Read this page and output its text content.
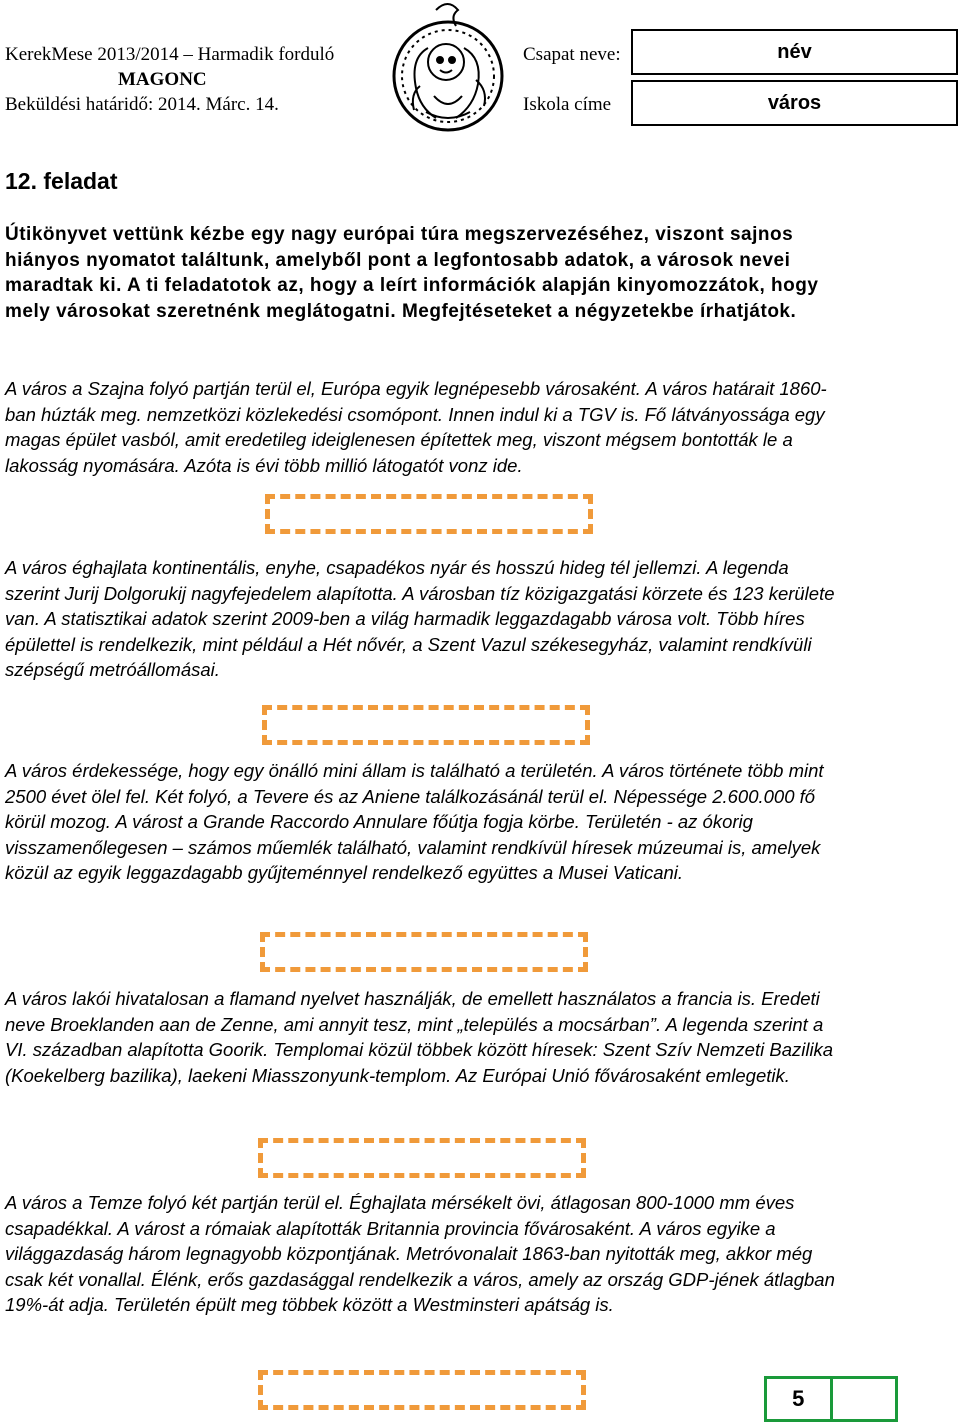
KerekMese 2013/2014 – Harmadik forduló
MAGONC
Beküldési határidő: 2014. Márc. 14.
Csapat neve:
Iskola címe
név
város
12. feladat

Útikönyvet vettünk kézbe egy nagy európai túra megszervezéséhez, viszont sajnos hiányos nyomatot találtunk, amelyből pont a legfontosabb adatok, a városok nevei maradtak ki. A ti feladatotok az, hogy a leírt információk alapján kinyomozzátok, hogy mely városokat szeretnénk meglátogatni. Megfejtéseteket a négyzetekbe írhatjátok.

A város a Szajna folyó partján terül el, Európa egyik legnépesebb városaként. A város határait 1860-ban húzták meg. nemzetközi közlekedési csomópont. Innen indul ki a TGV is. Fő látványossága egy magas épület vasból, amit eredetileg ideiglenesen építettek meg, viszont mégsem bontották le a lakosság nyomására. Azóta is évi több millió látogatót vonz ide.

A város éghajlata kontinentális, enyhe, csapadékos nyár és hosszú hideg tél jellemzi. A legenda szerint Jurij Dolgorukij nagyfejedelem alapította. A városban tíz közigazgatási körzete és 123 kerülete van. A statisztikai adatok szerint 2009-ben a világ harmadik leggazdagabb városa volt. Több híres épülettel is rendelkezik, mint például a Hét nővér, a Szent Vazul székesegyház, valamint rendkívüli szépségű metróállomásai.

A város érdekessége, hogy egy önálló mini állam is található a területén. A város története több mint 2500 évet ölel fel. Két folyó, a Tevere és az Aniene találkozásánál terül el. Népessége 2.600.000 fő körül mozog. A várost a Grande Raccordo Annulare főútja fogja körbe. Területén - az ókorig visszamenőlegesen – számos műemlék található, valamint rendkívül híresek múzeumai is, amelyek közül az egyik leggazdagabb gyűjteménnyel rendelkező együttes a Musei Vaticani.

A város lakói hivatalosan a flamand nyelvet használják, de emellett használatos a francia is. Eredeti neve Broeklanden aan de Zenne, ami annyit tesz, mint „település a mocsárban”. A legenda szerint a VI. században alapította Goorik. Templomai közül többek között híresek: Szent Szív Nemzeti Bazilika (Koekelberg bazilika), laekeni Miasszonyunk-templom. Az Európai Unió fővárosaként emlegetik.

A város a Temze folyó két partján terül el. Éghajlata mérsékelt övi, átlagosan 800-1000 mm éves csapadékkal. A várost a rómaiak alapították Britannia provincia fővárosaként. A város egyike a világgazdaság három legnagyobb központjának. Metróvonalait 1863-ban nyitották meg, akkor még csak két vonallal. Élénk, erős gazdasággal rendelkezik a város, amely az ország GDP-jének átlagban 19%-át adja. Területén épült meg többek között a Westminsteri apátság is.

5
